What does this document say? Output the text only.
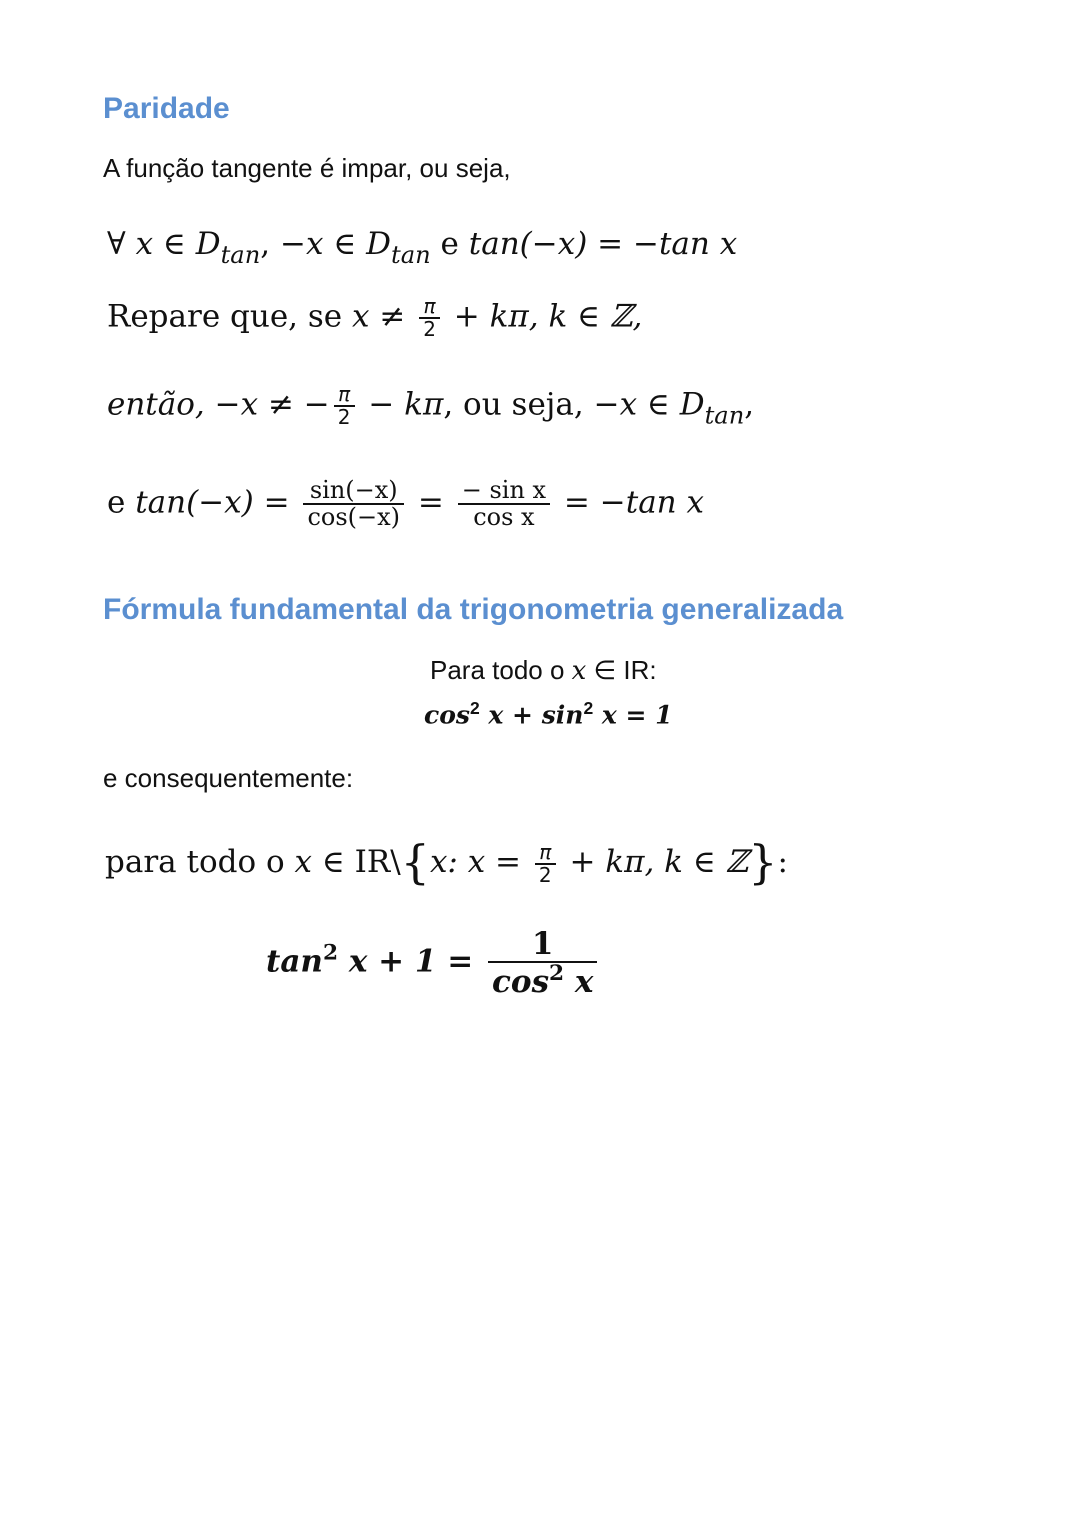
Paridade
A função tangente é impar, ou seja,
∀ x ∈ $D_{tan}$, −x ∈ $D_{tan}$ e tan(−x) = −tan x
Repare que, se $x \ne \frac{\pi}{2} + k\pi$, k ∈ ℤ,
então, −x ≠ − $\frac{\pi}{2} - k\pi$, ou seja, −x ∈ $D_{tan}$,
e $\tan(-x) = \frac{\sin(-x)}{\cos(-x)} = \frac{\text{− sin x}}{\text{cos x}} = -\tan$ x
Fórmula fundamental da trigonometria generalizada
Para todo o x ∈ IR:
$\cos^2 x + \sin^2 x = 1$
e consequentemente:
para todo o x ∈ IR\{x: $x = \frac{\pi}{2} + k\pi$, k ∈ ℤ}:
$\tan^2 x + 1 = \frac{1}{\cos^2 x}$
